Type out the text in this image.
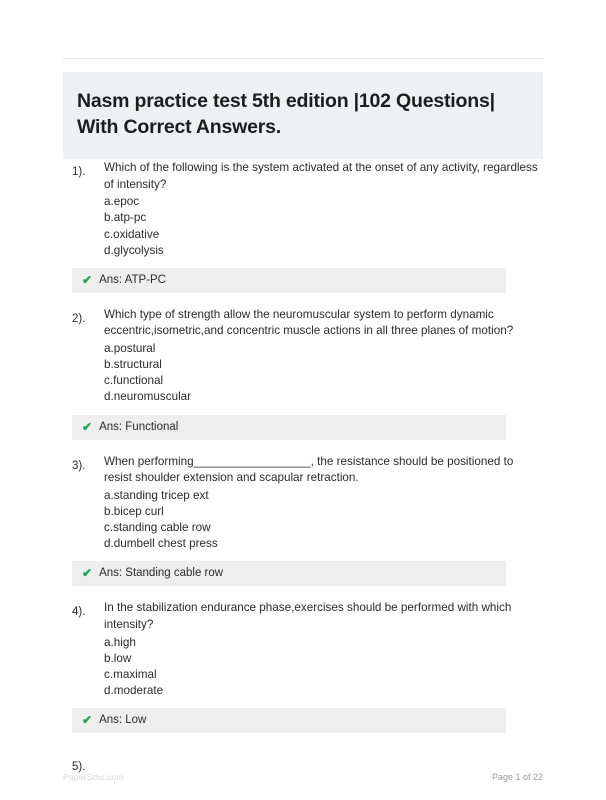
Nasm practice test 5th edition |102 Questions| With Correct Answers.
1).	Which of the following is the system activated at the onset of any activity, regardless of intensity?
a.epoc
b.atp-pc
c.oxidative
d.glycolysis
✔ Ans: ATP-PC
2).	Which type of strength allow the neuromuscular system to perform dynamic eccentric,isometric,and concentric muscle actions in all three planes of motion?
a.postural
b.structural
c.functional
d.neuromuscular
✔ Ans: Functional
3).	When performing__________________, the resistance should be positioned to resist shoulder extension and scapular retraction.
a.standing tricep ext
b.bicep curl
c.standing cable row
d.dumbell chest press
✔ Ans: Standing cable row
4).	In the stabilization endurance phase,exercises should be performed with which intensity?
a.high
b.low
c.maximal
d.moderate
✔ Ans: Low
5).
PaperSthc.com	Page 1 of 22
